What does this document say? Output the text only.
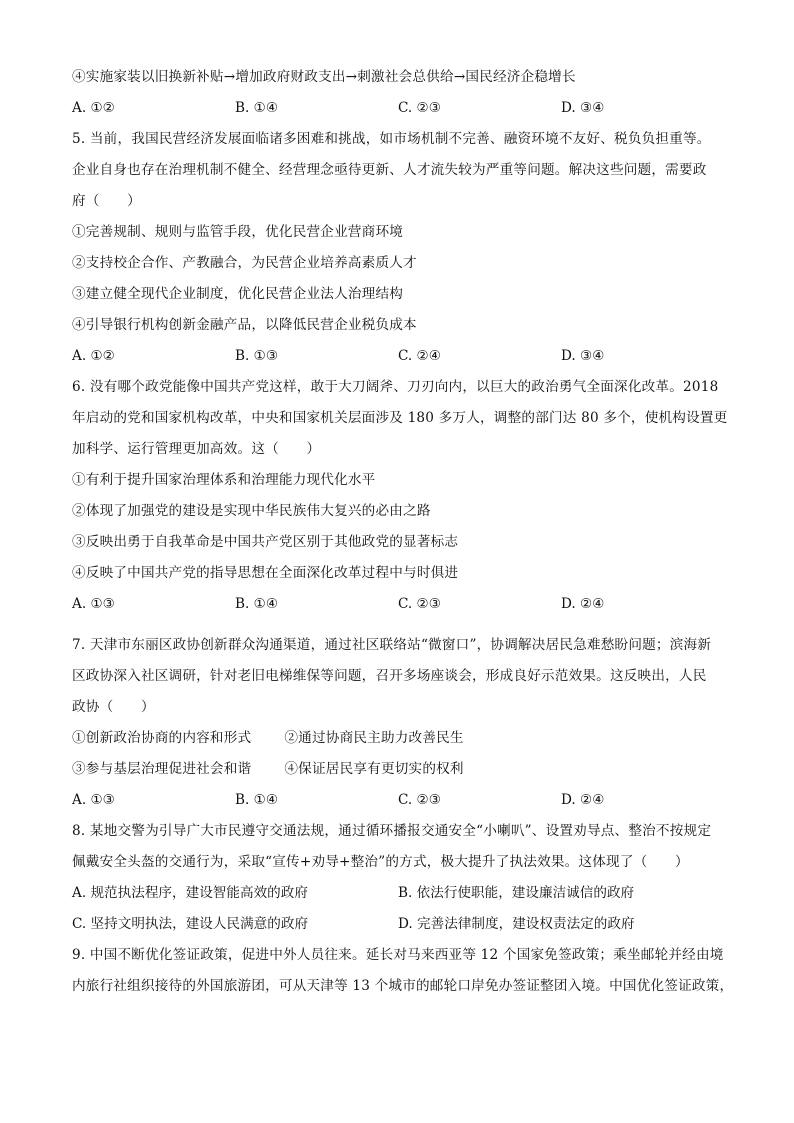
④实施家装以旧换新补贴→增加政府财政支出→刺激社会总供给→国民经济企稳增长
A. ①②	B. ①④	C. ②③	D. ③④
5. 当前，我国民营经济发展面临诸多困难和挑战，如市场机制不完善、融资环境不友好、税负负担重等。
企业自身也存在治理机制不健全、经营理念亟待更新、人才流失较为严重等问题。解决这些问题，需要政
府（　　）
①完善规制、规则与监管手段，优化民营企业营商环境
②支持校企合作、产教融合，为民营企业培养高素质人才
③建立健全现代企业制度，优化民营企业法人治理结构
④引导银行机构创新金融产品，以降低民营企业税负成本
A. ①②	B. ①③	C. ②④	D. ③④
6. 没有哪个政党能像中国共产党这样，敢于大刀阔斧、刀刃向内，以巨大的政治勇气全面深化改革。2018
年启动的党和国家机构改革，中央和国家机关层面涉及 180 多万人，调整的部门达 80 多个，使机构设置更
加科学、运行管理更加高效。这（　　）
①有利于提升国家治理体系和治理能力现代化水平
②体现了加强党的建设是实现中华民族伟大复兴的必由之路
③反映出勇于自我革命是中国共产党区别于其他政党的显著标志
④反映了中国共产党的指导思想在全面深化改革过程中与时俱进
A. ①③	B. ①④	C. ②③	D. ②④
7. 天津市东丽区政协创新群众沟通渠道，通过社区联络站“微窗口”，协调解决居民急难愁盼问题；滨海新
区政协深入社区调研，针对老旧电梯维保等问题，召开多场座谈会，形成良好示范效果。这反映出，人民
政协（　　）
①创新政治协商的内容和形式 ②通过协商民主助力改善民生
③参与基层治理促进社会和谐 ④保证居民享有更切实的权利
A. ①③	B. ①④	C. ②③	D. ②④
8. 某地交警为引导广大市民遵守交通法规，通过循环播报交通安全“小喇叭”、设置劝导点、整治不按规定
佩戴安全头盔的交通行为，采取“宣传+劝导+整治”的方式，极大提升了执法效果。这体现了（　　）
A. 规范执法程序，建设智能高效的政府	B. 依法行使职能，建设廉洁诚信的政府
C. 坚持文明执法，建设人民满意的政府	D. 完善法律制度，建设权责法定的政府
9. 中国不断优化签证政策，促进中外人员往来。延长对马来西亚等 12 个国家免签政策；乘坐邮轮并经由境
内旅行社组织接待的外国旅游团，可从天津等 13 个城市的邮轮口岸免办签证整团入境。中国优化签证政策，
